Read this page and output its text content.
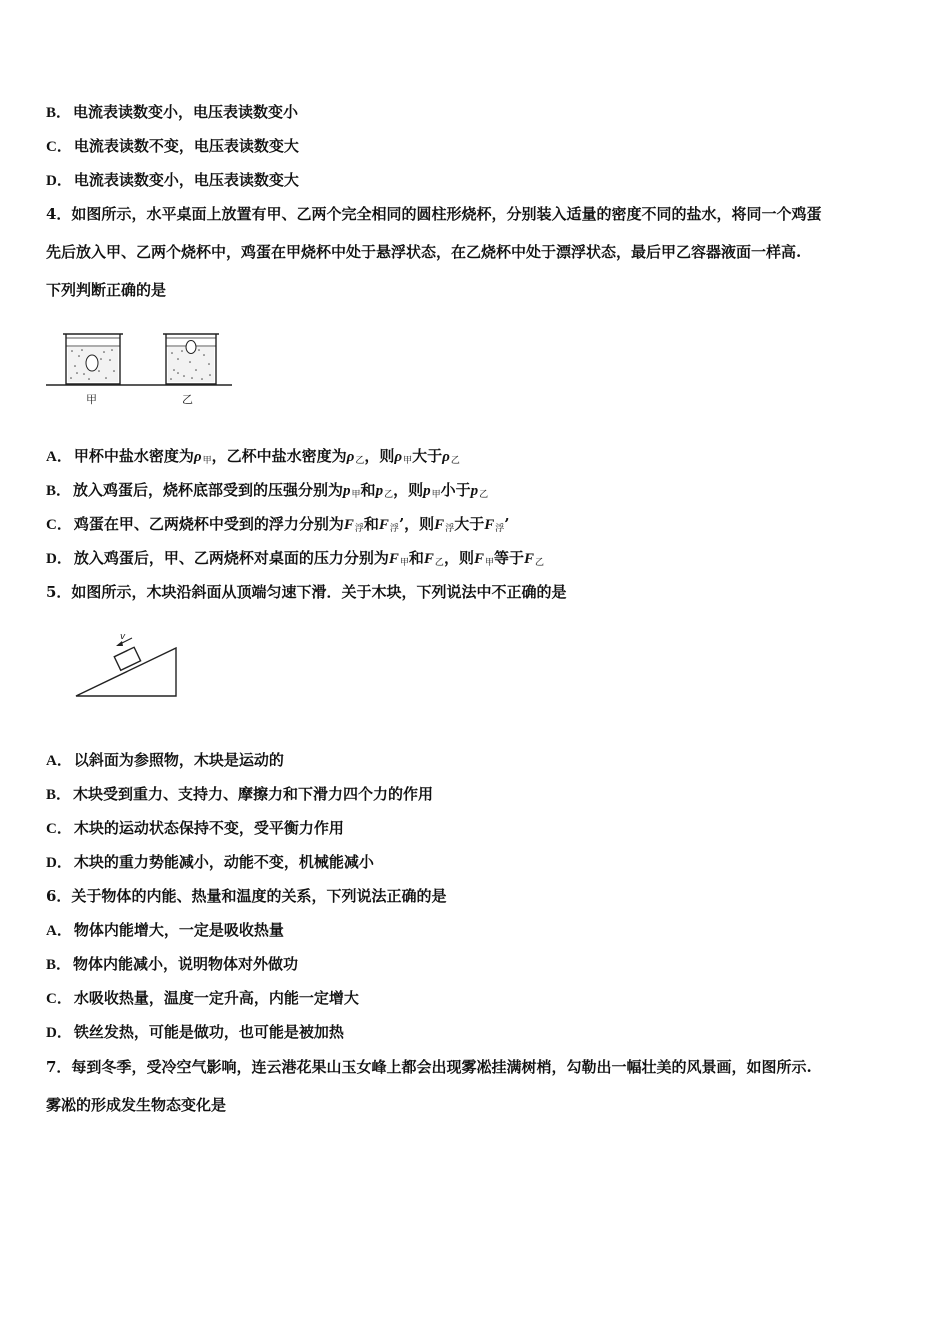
B． 电流表读数变小，电压表读数变小
C． 电流表读数不变，电压表读数变大
D． 电流表读数变小，电压表读数变大
4．如图所示，水平桌面上放置有甲、乙两个完全相同的圆柱形烧杯，分别装入适量的密度不同的盐水，将同一个鸡蛋
先后放入甲、乙两个烧杯中，鸡蛋在甲烧杯中处于悬浮状态，在乙烧杯中处于漂浮状态，最后甲乙容器液面一样高.
下列判断正确的是
甲	乙
A． 甲杯中盐水密度为$\rho_甲$，乙杯中盐水密度为$\rho_乙$，则$\rho_甲$大于$\rho_乙$
B． 放入鸡蛋后，烧杯底部受到的压强分别为$p_甲$和$p_乙$，则$p_甲$小于$p_乙$
C． 鸡蛋在甲、乙两烧杯中受到的浮力分别为$F_浮$和$F_浮$’，则$F_浮$大于$F_浮$’
D． 放入鸡蛋后，甲、乙两烧杯对桌面的压力分别为$F_甲$和$F_乙$，则$F_甲$等于$F_乙$
5．如图所示，木块沿斜面从顶端匀速下滑．关于木块，下列说法中不正确的是
v
A． 以斜面为参照物，木块是运动的
B． 木块受到重力、支持力、摩擦力和下滑力四个力的作用
C． 木块的运动状态保持不变，受平衡力作用
D． 木块的重力势能减小，动能不变，机械能减小
6．关于物体的内能、热量和温度的关系，下列说法正确的是
A． 物体内能增大，一定是吸收热量
B． 物体内能减小，说明物体对外做功
C． 水吸收热量，温度一定升高，内能一定增大
D． 铁丝发热，可能是做功，也可能是被加热
7．每到冬季，受冷空气影响，连云港花果山玉女峰上都会出现雾凇挂满树梢，勾勒出一幅壮美的风景画，如图所示.
雾凇的形成发生物态变化是
